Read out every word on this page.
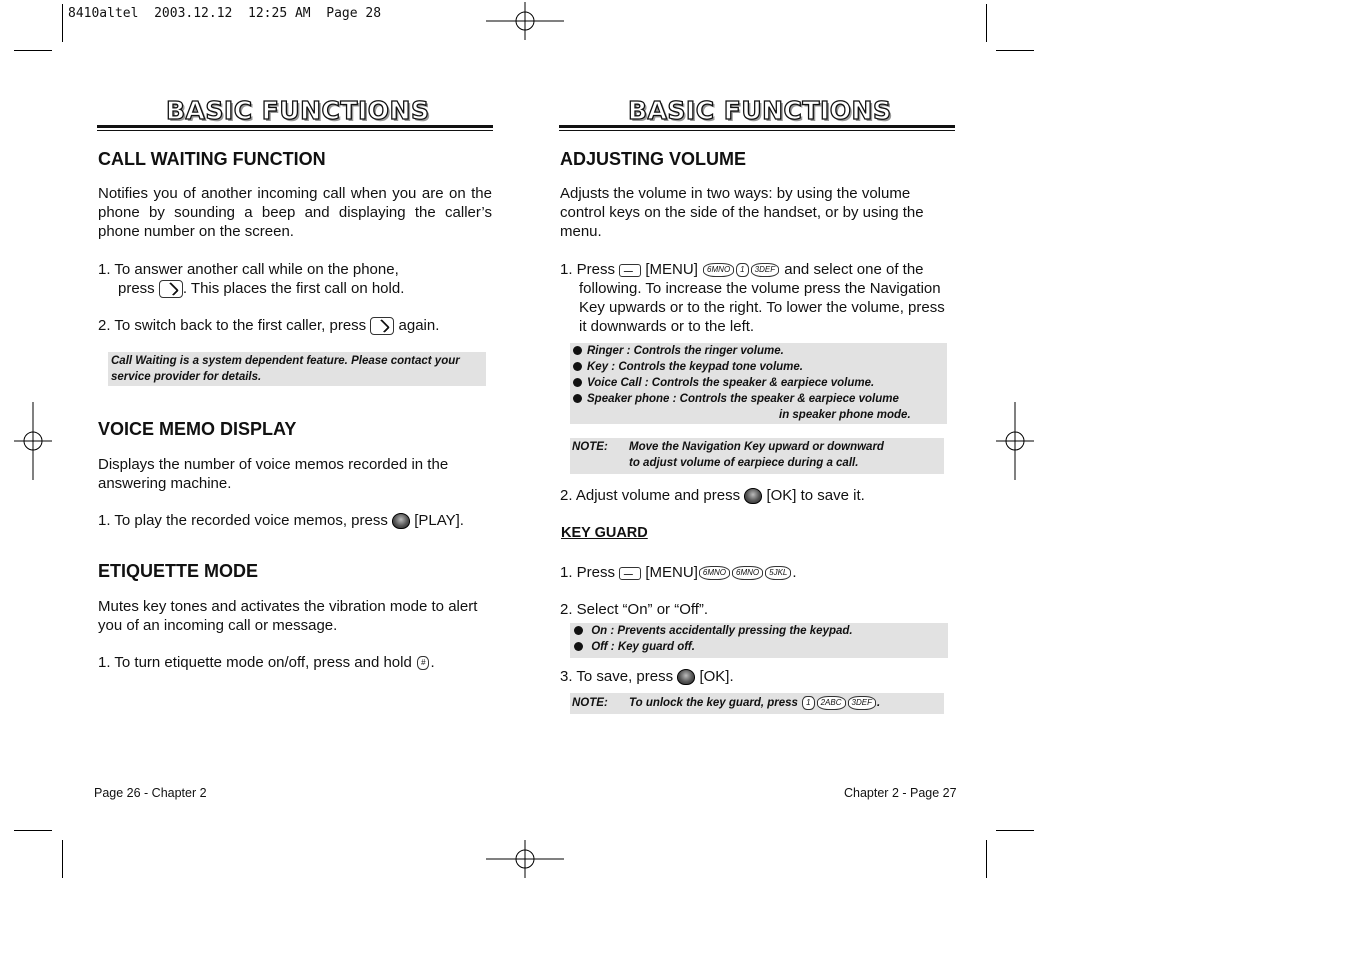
8410altel  2003.12.12  12:25 AM  Page 28
BASIC FUNCTIONS
CALL WAITING FUNCTION
Notifies you of another incoming call when you are on the phone by sounding a beep and displaying the caller’s phone number on the screen.
1. To answer another call while on the phone,
press . This places the first call on hold.
2. To switch back to the first caller, press again.
Call Waiting is a system dependent feature. Please contact your service provider for details.
VOICE MEMO DISPLAY
Displays the number of voice memos recorded in the answering machine.
1. To play the recorded voice memos, press [PLAY].
ETIQUETTE MODE
Mutes key tones and activates the vibration mode to alert you of an incoming call or message.
1. To turn etiquette mode on/off, press and hold # .
Page 26 - Chapter 2
BASIC FUNCTIONS
ADJUSTING VOLUME
Adjusts the volume in two ways: by using the volume control keys on the side of the handset, or by using the menu.
1. Press [MENU] 6MNO 1 3DEF and select one of the
following. To increase the volume press the Navigation Key upwards or to the right. To lower the volume, press it downwards or to the left.
Ringer : Controls the ringer volume.
Key : Controls the keypad tone volume.
Voice Call : Controls the speaker & earpiece volume.
Speaker phone : Controls the speaker & earpiece volume
in speaker phone mode.
NOTE: Move the Navigation Key upward or downward
to adjust volume of earpiece during a call.
2. Adjust volume and press [OK] to save it.
KEY GUARD
1. Press [MENU] 6MNO 6MNO 5JKL .
2. Select “On” or “Off”.
On : Prevents accidentally pressing the keypad.
Off : Key guard off.
3. To save, press [OK].
NOTE: To unlock the key guard, press 1 2ABC 3DEF .
Chapter 2 - Page 27
